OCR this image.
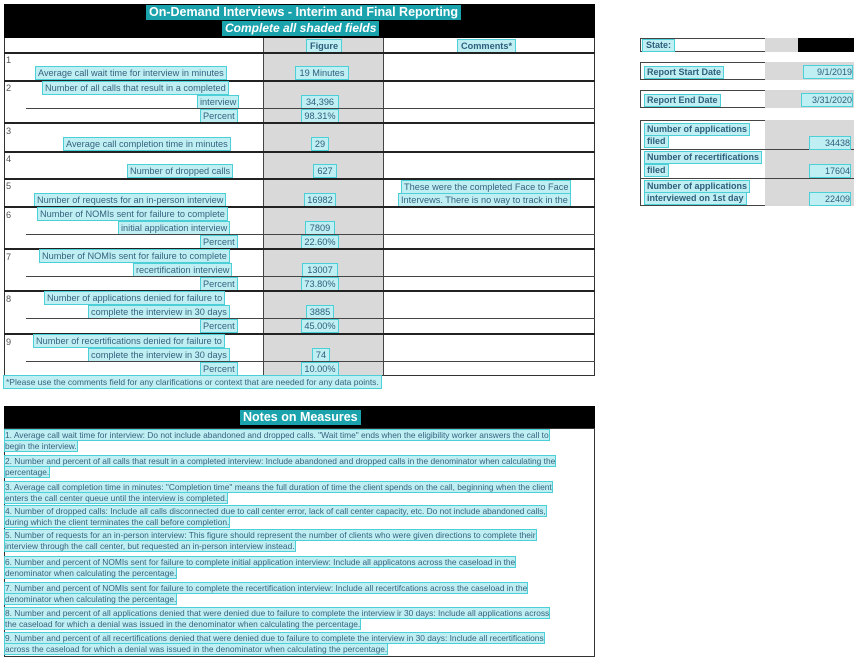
On-Demand Interviews - Interim and Final Reporting
Complete all shaded fields
Figure	Comments*
1
Average call wait time for interview in minutes	19 Minutes
2	Number of all calls that result in a completed
interview	34,396
Percent	98.31%
3
Average call completion time in minutes	29
4
Number of dropped calls	627
5
Number of requests for an in-person interview	16982
These were the completed Face to Face
Intervews. There is no way to track in the
6	Number of NOMIs sent for failure to complete
initial application interview	7809
Percent	22.60%
7	Number of NOMIs sent for failure to complete
recertification interview	13007
Percent	73.80%
8	Number of applications denied for failure to
complete the interview in 30 days	3885
Percent	45.00%
9	Number of recertifications denied for failure to
complete the interview in 30 days	74
Percent	10.00%
*Please use the comments field for any clarifications or context that are needed for any data points.
State:
Report Start Date	9/1/2019
Report End Date	3/31/2020
Number of applications
filed	34438
Number of recertifications
filed	17604
Number of applications
interviewed on 1st day	22409
Notes on Measures
1. Average call wait time for interview: Do not include abandoned and dropped calls. "Wait time" ends when the eligibility worker answers the call to
begin the interview.
2. Number and percent of all calls that result in a completed interview: Include abandoned and dropped calls in the denominator when calculating the
percentage.
3. Average call completion time in minutes: "Completion time" means the full duration of time the client spends on the call, beginning when the client
enters the call center queue until the interview is completed.
4. Number of dropped calls: Include all calls disconnected due to call center error, lack of call center capacity, etc. Do not include abandoned calls,
during which the client terminates the call before completion.
5. Number of requests for an in-person interview: This figure should represent the number of clients who were given directions to complete their
interview through the call center, but requested an in-person interview instead.
6. Number and percent of NOMIs sent for failure to complete initial application interview: Include all applicatons across the caseload in the
denominator when calculating the percentage.
7. Number and percent of NOMIs sent for failure to complete the recertification interview: Include all recertifcations across the caseload in the
denominator when calculating the percentage.
8. Number and percent of all applications denied that were denied due to failure to complete the interview ir 30 days: Include all applications across
the caseload for which a denial was issued in the denominator when calculating the percentage.
9. Number and percent of all recertifications denied that were denied due to failure to complete the interview in 30 days: Include all recertifications
across the caseload for which a denial was issued in the denominator when calculating the percentage.
